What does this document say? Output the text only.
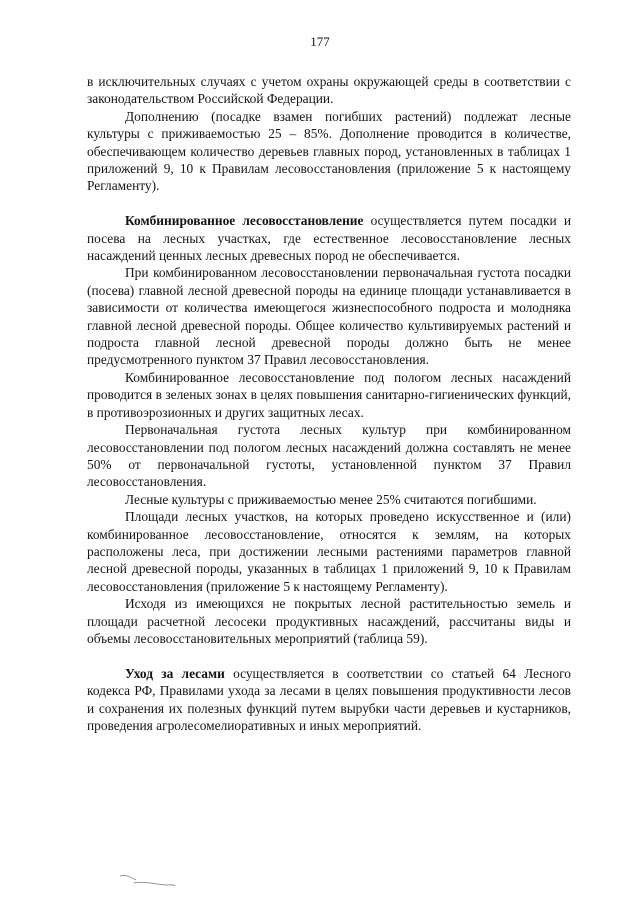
177

в исключительных случаях с учетом охраны окружающей среды в соответствии с законодательством Российской Федерации.

Дополнению (посадке взамен погибших растений) подлежат лесные культуры с приживаемостью 25 – 85%. Дополнение проводится в количестве, обеспечивающем количество деревьев главных пород, установленных в таблицах 1 приложений 9, 10 к Правилам лесовосстановления (приложение 5 к настоящему Регламенту).

Комбинированное лесовосстановление осуществляется путем посадки и посева на лесных участках, где естественное лесовосстановление лесных насаждений ценных лесных древесных пород не обеспечивается.

При комбинированном лесовосстановлении первоначальная густота посадки (посева) главной лесной древесной породы на единице площади устанавливается в зависимости от количества имеющегося жизнеспособного подроста и молодняка главной лесной древесной породы. Общее количество культивируемых растений и подроста главной лесной древесной породы должно быть не менее предусмотренного пунктом 37 Правил лесовосстановления.

Комбинированное лесовосстановление под пологом лесных насаждений проводится в зеленых зонах в целях повышения санитарно-гигиенических функций, в противоэрозионных и других защитных лесах.

Первоначальная густота лесных культур при комбинированном лесовосстановлении под пологом лесных насаждений должна составлять не менее 50% от первоначальной густоты, установленной пунктом 37 Правил лесовосстановления.

Лесные культуры с приживаемостью менее 25% считаются погибшими.

Площади лесных участков, на которых проведено искусственное и (или) комбинированное лесовосстановление, относятся к землям, на которых расположены леса, при достижении лесными растениями параметров главной лесной древесной породы, указанных в таблицах 1 приложений 9, 10 к Правилам лесовосстановления (приложение 5 к настоящему Регламенту).

Исходя из имеющихся не покрытых лесной растительностью земель и площади расчетной лесосеки продуктивных насаждений, рассчитаны виды и объемы лесовосстановительных мероприятий (таблица 59).

Уход за лесами осуществляется в соответствии со статьей 64 Лесного кодекса РФ, Правилами ухода за лесами в целях повышения продуктивности лесов и сохранения их полезных функций путем вырубки части деревьев и кустарников, проведения агролесомелиоративных и иных мероприятий.
